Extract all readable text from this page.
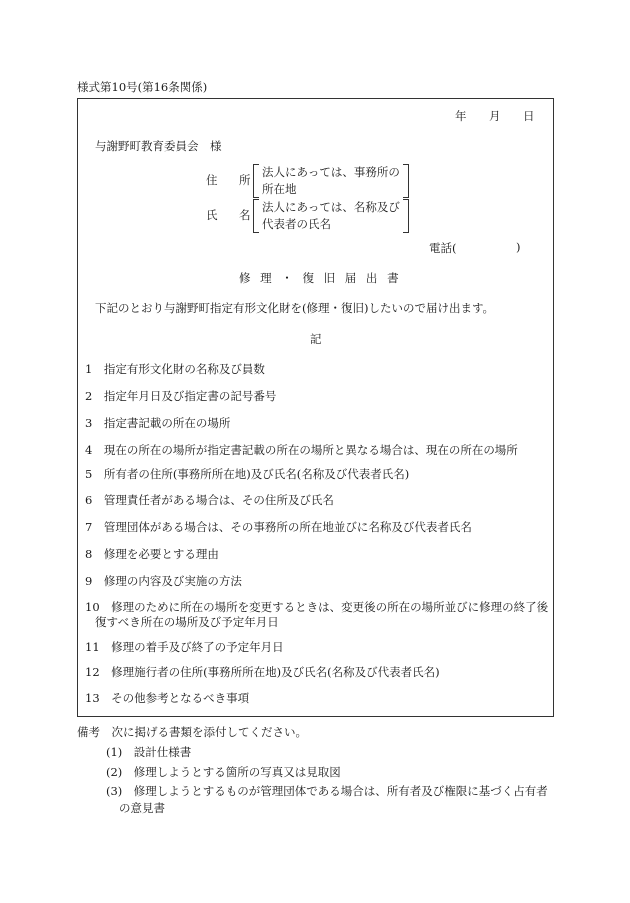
様式第10号(第16条関係)
年 月 日
与謝野町教育委員会　様
住 所
法人にあっては、事務所の
所在地
氏 名
法人にあっては、名称及び
代表者の氏名
電話(	)
修 理 ・ 復 旧 届 出 書
下記のとおり与謝野町指定有形文化財を(修理・復旧)したいので届け出ます。
記
1　指定有形文化財の名称及び員数
2　指定年月日及び指定書の記号番号
3　指定書記載の所在の場所
4　現在の所在の場所が指定書記載の所在の場所と異なる場合は、現在の所在の場所
5　所有者の住所(事務所所在地)及び氏名(名称及び代表者氏名)
6　管理責任者がある場合は、その住所及び氏名
7　管理団体がある場合は、その事務所の所在地並びに名称及び代表者氏名
8　修理を必要とする理由
9　修理の内容及び実施の方法
10　修理のために所在の場所を変更するときは、変更後の所在の場所並びに修理の終了後
復すべき所在の場所及び予定年月日
11　修理の着手及び終了の予定年月日
12　修理施行者の住所(事務所所在地)及び氏名(名称及び代表者氏名)
13　その他参考となるべき事項
備考　次に掲げる書類を添付してください。
(1)　設計仕様書
(2)　修理しようとする箇所の写真又は見取図
(3)　修理しようとするものが管理団体である場合は、所有者及び権限に基づく占有者
の意見書
